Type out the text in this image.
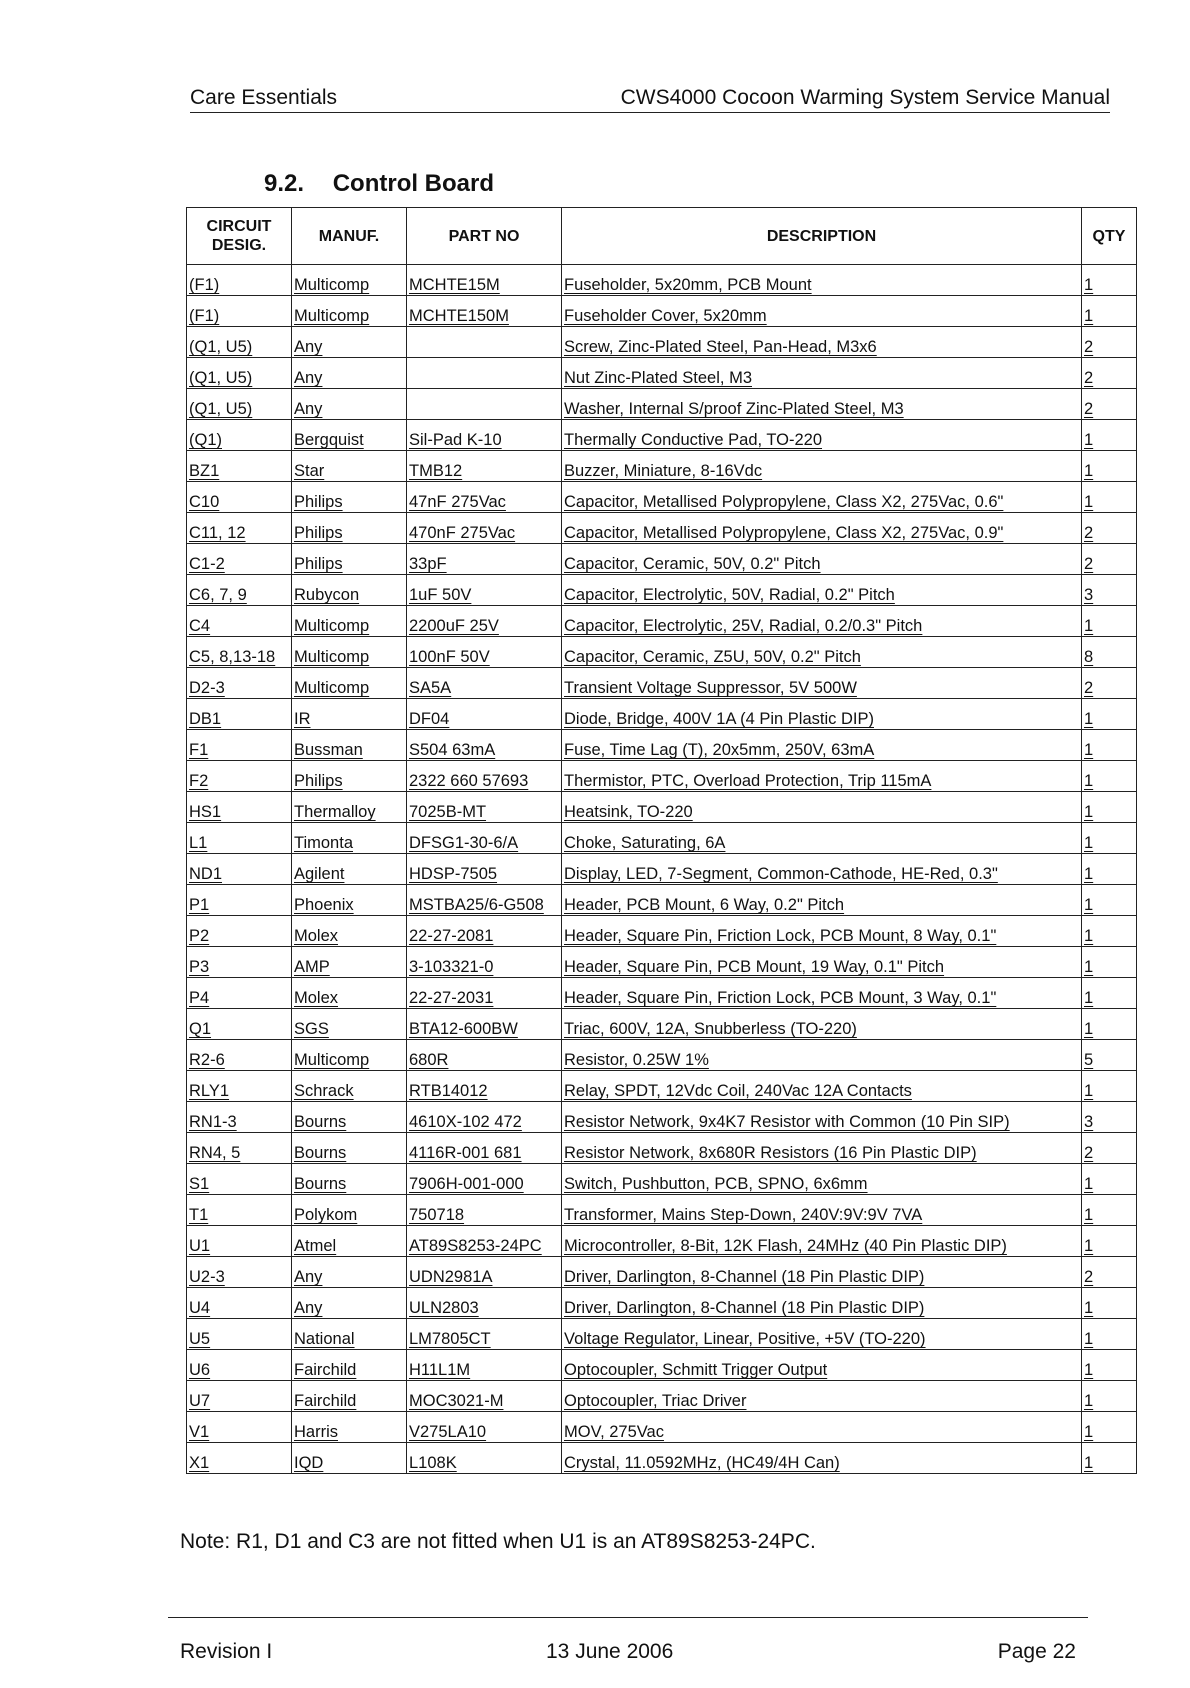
Care Essentials	CWS4000 Cocoon Warming System Service Manual
9.2. Control Board
CIRCUIT DESIG.	MANUF.	PART NO	DESCRIPTION	QTY
(F1)	Multicomp	MCHTE15M	Fuseholder, 5x20mm, PCB Mount	1
(F1)	Multicomp	MCHTE150M	Fuseholder Cover, 5x20mm	1
(Q1, U5)	Any		Screw, Zinc-Plated Steel, Pan-Head, M3x6	2
(Q1, U5)	Any		Nut Zinc-Plated Steel, M3	2
(Q1, U5)	Any		Washer, Internal S/proof Zinc-Plated Steel, M3	2
(Q1)	Bergquist	Sil-Pad K-10	Thermally Conductive Pad, TO-220	1
BZ1	Star	TMB12	Buzzer, Miniature, 8-16Vdc	1
C10	Philips	47nF 275Vac	Capacitor, Metallised Polypropylene, Class X2, 275Vac, 0.6"	1
C11, 12	Philips	470nF 275Vac	Capacitor, Metallised Polypropylene, Class X2, 275Vac, 0.9"	2
C1-2	Philips	33pF	Capacitor, Ceramic, 50V, 0.2" Pitch	2
C6, 7, 9	Rubycon	1uF 50V	Capacitor, Electrolytic, 50V, Radial, 0.2" Pitch	3
C4	Multicomp	2200uF 25V	Capacitor, Electrolytic, 25V, Radial, 0.2/0.3" Pitch	1
C5, 8,13-18	Multicomp	100nF 50V	Capacitor, Ceramic, Z5U, 50V, 0.2" Pitch	8
D2-3	Multicomp	SA5A	Transient Voltage Suppressor, 5V 500W	2
DB1	IR	DF04	Diode, Bridge, 400V 1A (4 Pin Plastic DIP)	1
F1	Bussman	S504 63mA	Fuse, Time Lag (T), 20x5mm, 250V, 63mA	1
F2	Philips	2322 660 57693	Thermistor, PTC, Overload Protection, Trip 115mA	1
HS1	Thermalloy	7025B-MT	Heatsink, TO-220	1
L1	Timonta	DFSG1-30-6/A	Choke, Saturating, 6A	1
ND1	Agilent	HDSP-7505	Display, LED, 7-Segment, Common-Cathode, HE-Red, 0.3"	1
P1	Phoenix	MSTBA25/6-G508	Header, PCB Mount, 6 Way, 0.2" Pitch	1
P2	Molex	22-27-2081	Header, Square Pin, Friction Lock, PCB Mount, 8 Way, 0.1"	1
P3	AMP	3-103321-0	Header, Square Pin, PCB Mount, 19 Way, 0.1" Pitch	1
P4	Molex	22-27-2031	Header, Square Pin, Friction Lock, PCB Mount, 3 Way, 0.1"	1
Q1	SGS	BTA12-600BW	Triac, 600V, 12A, Snubberless (TO-220)	1
R2-6	Multicomp	680R	Resistor, 0.25W 1%	5
RLY1	Schrack	RTB14012	Relay, SPDT, 12Vdc Coil, 240Vac 12A Contacts	1
RN1-3	Bourns	4610X-102 472	Resistor Network, 9x4K7 Resistor with Common (10 Pin SIP)	3
RN4, 5	Bourns	4116R-001 681	Resistor Network, 8x680R Resistors (16 Pin Plastic DIP)	2
S1	Bourns	7906H-001-000	Switch, Pushbutton, PCB, SPNO, 6x6mm	1
T1	Polykom	750718	Transformer, Mains Step-Down, 240V:9V:9V 7VA	1
U1	Atmel	AT89S8253-24PC	Microcontroller, 8-Bit, 12K Flash, 24MHz (40 Pin Plastic DIP)	1
U2-3	Any	UDN2981A	Driver, Darlington, 8-Channel (18 Pin Plastic DIP)	2
U4	Any	ULN2803	Driver, Darlington, 8-Channel (18 Pin Plastic DIP)	1
U5	National	LM7805CT	Voltage Regulator, Linear, Positive, +5V (TO-220)	1
U6	Fairchild	H11L1M	Optocoupler, Schmitt Trigger Output	1
U7	Fairchild	MOC3021-M	Optocoupler, Triac Driver	1
V1	Harris	V275LA10	MOV, 275Vac	1
X1	IQD	L108K	Crystal, 11.0592MHz, (HC49/4H Can)	1
Note: R1, D1 and C3 are not fitted when U1 is an AT89S8253-24PC.
Revision I	13 June 2006	Page 22
